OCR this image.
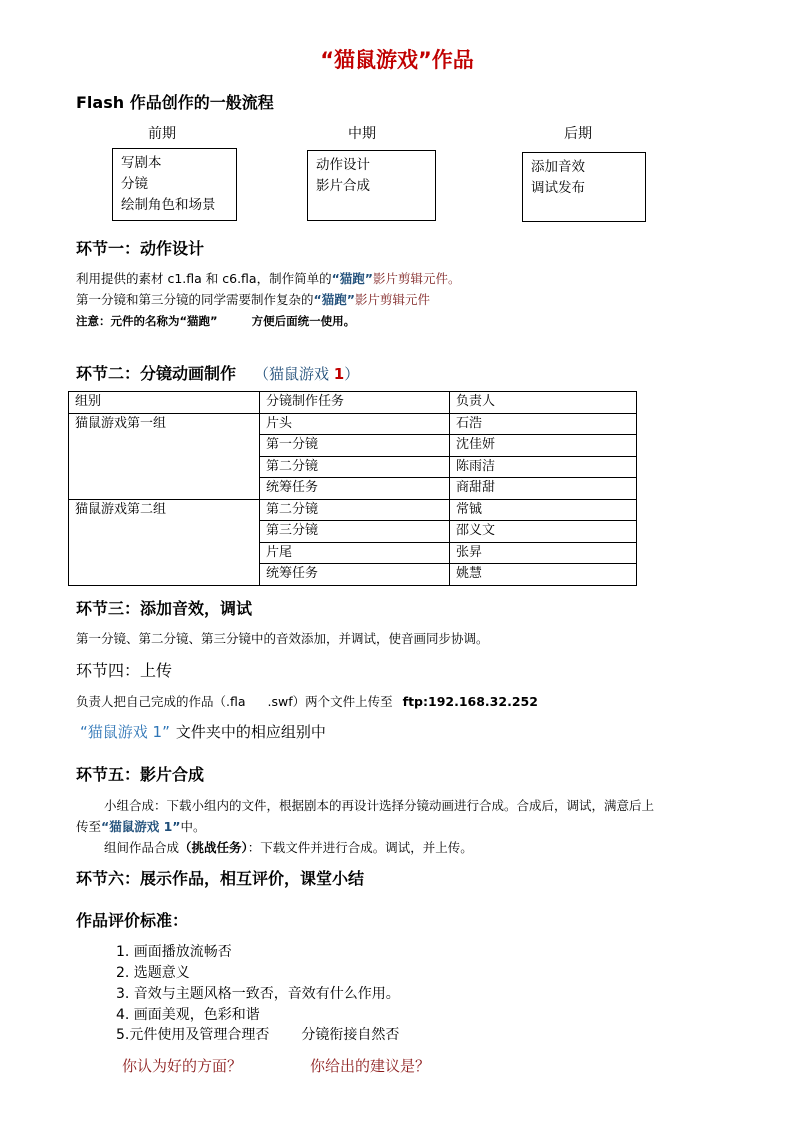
“猫鼠游戏”作品
Flash 作品创作的一般流程
前期	中期	后期
写剧本
分镜
绘制角色和场景
动作设计
影片合成
添加音效
调试发布
环节一：动作设计
利用提供的素材 c1.fla 和 c6.fla，制作简单的“猫跑”影片剪辑元件。
第一分镜和第三分镜的同学需要制作复杂的“猫跑”影片剪辑元件
注意：元件的名称为“猫跑”	方便后面统一使用。
环节二：分镜动画制作 （猫鼠游戏 1）
组别	分镜制作任务	负责人
猫鼠游戏第一组	片头	石浩
	第一分镜	沈佳妍
	第二分镜	陈雨洁
	统筹任务	商甜甜
猫鼠游戏第二组	第二分镜	常铖
	第三分镜	邵义文
	片尾	张昇
	统筹任务	姚慧
环节三：添加音效，调试
第一分镜、第二分镜、第三分镜中的音效添加，并调试，使音画同步协调。
环节四：上传
负责人把自己完成的作品（.fla .swf）两个文件上传至 ftp:192.168.32.252
“猫鼠游戏 1” 文件夹中的相应组别中
环节五：影片合成
小组合成：下载小组内的文件，根据剧本的再设计选择分镜动画进行合成。合成后，调试，满意后上
传至“猫鼠游戏 1”中。
组间作品合成（挑战任务）：下载文件并进行合成。调试，并上传。
环节六：展示作品，相互评价，课堂小结
作品评价标准：
1. 画面播放流畅否
2. 选题意义
3. 音效与主题风格一致否，音效有什么作用。
4. 画面美观，色彩和谐
5.元件使用及管理合理否 分镜衔接自然否
你认为好的方面？	你给出的建议是？
